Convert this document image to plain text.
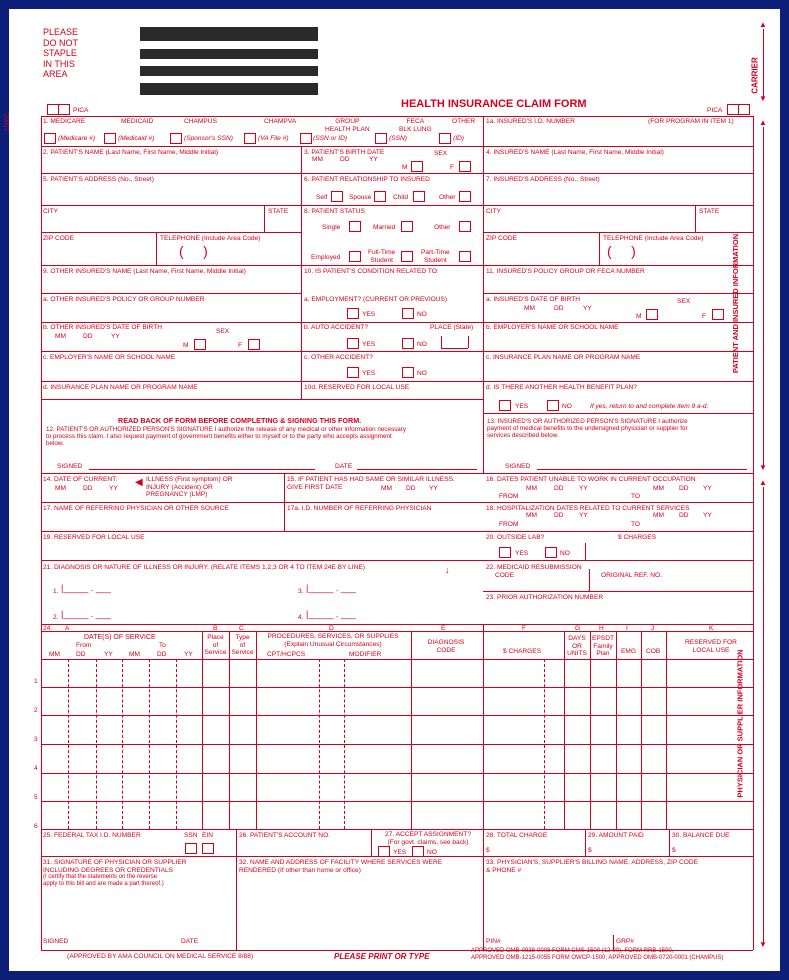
PLEASE
DO NOT
STAPLE
IN THIS
AREA
1500C
CARRIER
▲
▼
PICA
HEALTH INSURANCE CLAIM FORM
PICA
▲
PATIENT AND INSURED INFORMATION
▼
▲
PHYSICIAN OR SUPPLIER INFORMATION
▼
1. MEDICARE	MEDICAID	CHAMPUS	CHAMPVA	GROUP
HEALTH PLAN
FECA
BLK LUNG
OTHER
(Medicare #)	(Medicaid #)	(Sponsor's SSN)	(VA File #)	(SSN or ID)	(SSN)	(ID)
1a. INSURED'S I.D. NUMBER	(FOR PROGRAM IN ITEM 1)
2. PATIENT'S NAME (Last Name, First Name, Middle Initial)	3. PATIENT'S BIRTH DATE	SEX
MM	DD	YY
M	F
4. INSURED'S NAME (Last Name, First Name, Middle Initial)
5. PATIENT'S ADDRESS (No., Street)	6. PATIENT RELATIONSHIP TO INSURED
Self	Spouse	Child	Other
7. INSURED'S ADDRESS (No., Street)
CITY	STATE 8. PATIENT STATUS
Single	Married	Other
CITY	STATE
ZIP CODE	TELEPHONE (Include Area Code)
(     )	Employed
Full-Time
Student
Part-Time
Student
ZIP CODE	TELEPHONE (Include Area Code)
(     )
9. OTHER INSURED'S NAME (Last Name, First Name, Middle Initial)	10. IS PATIENT'S CONDITION RELATED TO:	11. INSURED'S POLICY GROUP OR FECA NUMBER
a. OTHER INSURED'S POLICY OR GROUP NUMBER	a. EMPLOYMENT? (CURRENT OR PREVIOUS)
YES	NO
a. INSURED'S DATE OF BIRTH	SEX
MM	DD	YY
M	F
b. OTHER INSURED'S DATE OF BIRTH
SEX
MM	DD	YY
M	F
b. AUTO ACCIDENT?	PLACE (State)
YES	NO
b. EMPLOYER'S NAME OR SCHOOL NAME
c. EMPLOYER'S NAME OR SCHOOL NAME	c. OTHER ACCIDENT?
YES	NO
c. INSURANCE PLAN NAME OR PROGRAM NAME
d. INSURANCE PLAN NAME OR PROGRAM NAME	10d. RESERVED FOR LOCAL USE	d. IS THERE ANOTHER HEALTH BENEFIT PLAN?
YES	NO	If yes, return to and complete item 9 a-d.
READ BACK OF FORM BEFORE COMPLETING & SIGNING THIS FORM.
12. PATIENT'S OR AUTHORIZED PERSON'S SIGNATURE I authorize the release of any medical or other information necessary
to process this claim. I also request payment of government benefits either to myself or to the party who accepts assignment
below.
SIGNED	DATE
13. INSURED'S OR AUTHORIZED PERSON'S SIGNATURE I authorize
payment of medical benefits to the undersigned physician or supplier for
services described below.
SIGNED
14. DATE OF CURRENT:
MM	DD YY
◀ ILLNESS (First symptom) OR
INJURY (Accident) OR
PREGNANCY (LMP)
15. IF PATIENT HAS HAD SAME OR SIMILAR ILLNESS.
GIVE FIRST DATE	MM DD YY
16. DATES PATIENT UNABLE TO WORK IN CURRENT OCCUPATION
MM	DD YY	MM DD YY
FROM	TO
17. NAME OF REFERRING PHYSICIAN OR OTHER SOURCE	17a. I.D. NUMBER OF REFERRING PHYSICIAN	18. HOSPITALIZATION DATES RELATED TO CURRENT SERVICES
MM	DD YY	MM DD YY
FROM	TO
19. RESERVED FOR LOCAL USE	20. OUTSIDE LAB?	$ CHARGES
YES	NO
21. DIAGNOSIS OR NATURE OF ILLNESS OR INJURY. (RELATE ITEMS 1,2,3 OR 4 TO ITEM 24E BY LINE)	↓
1. |_____ . ___	3. |_____ . ___
2. |_____ . ___	4. |_____ . ___
22. MEDICAID RESUBMISSION
CODE	ORIGINAL REF. NO.
23. PRIOR AUTHORIZATION NUMBER
24. A	B	C	D	E	F	G	H	I	J	K
DATE(S) OF SERVICE
From	To
MM DD	YY MM	DD	YY
Place
of
Service
Type
of
Service
PROCEDURES, SERVICES, OR SUPPLIES
(Explain Unusual Circumstances)
CPT/HCPCS	MODIFIER
DIAGNOSIS
CODE	$ CHARGES
DAYS
OR
UNITS
EPSDT
Family
Plan	EMG COB
RESERVED FOR
LOCAL USE
1
2
3
4
5
6
25. FEDERAL TAX I.D. NUMBER	SSN EIN	26. PATIENT'S ACCOUNT NO.	27. ACCEPT ASSIGNMENT?
(For govt. claims, see back)
YES	NO
28. TOTAL CHARGE
$
29. AMOUNT PAID
$
30. BALANCE DUE
$
31. SIGNATURE OF PHYSICIAN OR SUPPLIER
INCLUDING DEGREES OR CREDENTIALS
(I certify that the statements on the reverse
apply to this bill and are made a part thereof.)
SIGNED	DATE
32. NAME AND ADDRESS OF FACILITY WHERE SERVICES WERE
RENDERED (If other than home or office)
33. PHYSICIAN'S, SUPPLIER'S BILLING NAME, ADDRESS, ZIP CODE
& PHONE #
PIN#	GRP#
(APPROVED BY AMA COUNCIL ON MEDICAL SERVICE 8/88)	PLEASE PRINT OR TYPE
APPROVED OMB-0938-0008 FORM CMS-1500 (12-90), FORM RRB-1500,
APPROVED OMB-1215-0055 FORM OWCP-1500, APPROVED OMB-0720-0001 (CHAMPUS)
